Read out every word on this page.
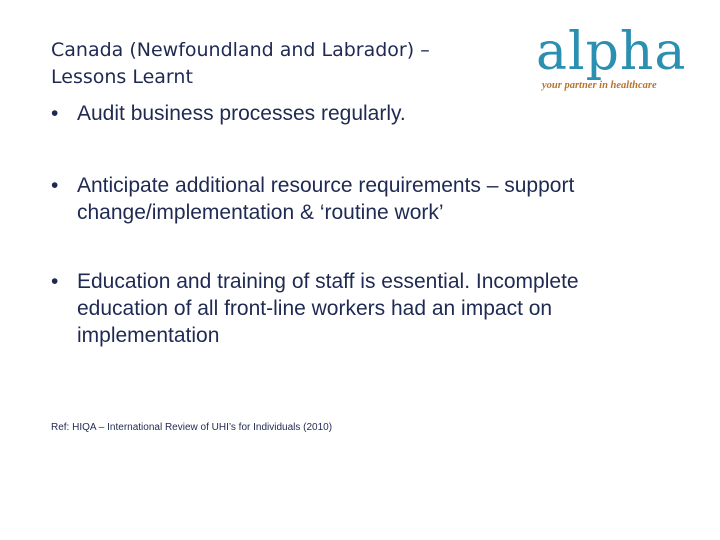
Canada (Newfoundland and Labrador) –
Lessons Learnt	alpha
your partner in healthcare
• Audit business processes regularly.
• Anticipate additional resource requirements – support change/implementation & ‘routine work’
• Education and training of staff is essential. Incomplete education of all front-line workers had an impact on implementation
Ref: HIQA – International Review of UHI’s for Individuals (2010)
